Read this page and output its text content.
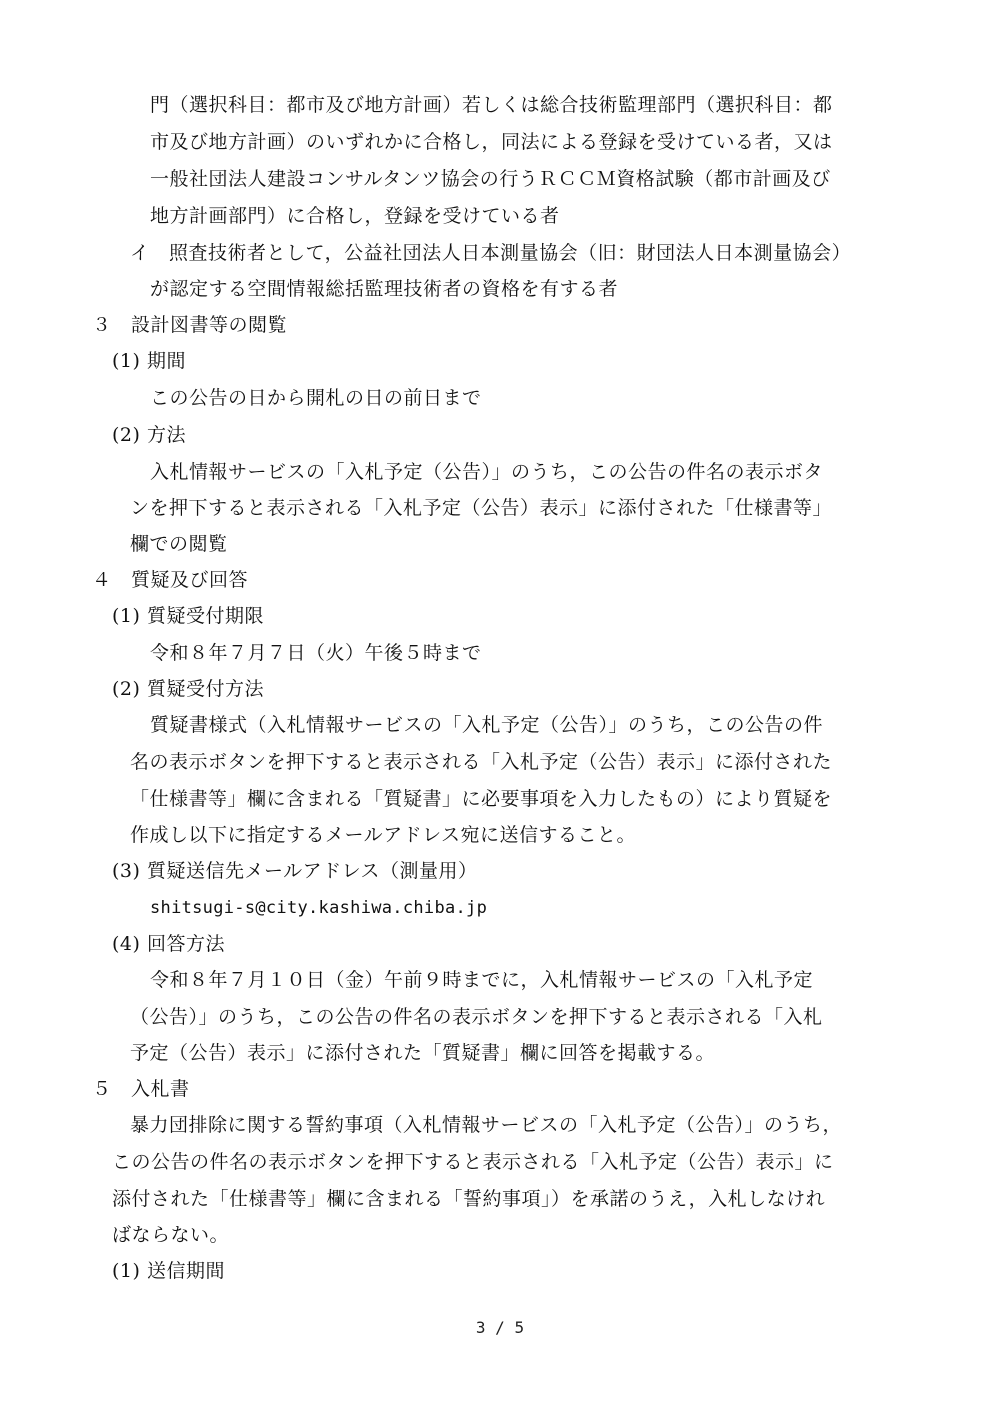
門（選択科目：都市及び地方計画）若しくは総合技術監理部門（選択科目：都
市及び地方計画）のいずれかに合格し，同法による登録を受けている者，又は
一般社団法人建設コンサルタンツ協会の行うＲＣＣＭ資格試験（都市計画及び
地方計画部門）に合格し，登録を受けている者
イ　照査技術者として，公益社団法人日本測量協会（旧：財団法人日本測量協会）
が認定する空間情報総括監理技術者の資格を有する者
３　設計図書等の閲覧
(1) 期間
この公告の日から開札の日の前日まで
(2) 方法
入札情報サービスの「入札予定（公告）」のうち，この公告の件名の表示ボタ
ンを押下すると表示される「入札予定（公告）表示」に添付された「仕様書等」
欄での閲覧
４　質疑及び回答
(1) 質疑受付期限
令和８年７月７日（火）午後５時まで
(2) 質疑受付方法
質疑書様式（入札情報サービスの「入札予定（公告）」のうち，この公告の件
名の表示ボタンを押下すると表示される「入札予定（公告）表示」に添付された
「仕様書等」欄に含まれる「質疑書」に必要事項を入力したもの）により質疑を
作成し以下に指定するメールアドレス宛に送信すること。
(3) 質疑送信先メールアドレス（測量用）
shitsugi-s@city.kashiwa.chiba.jp
(4) 回答方法
令和８年７月１０日（金）午前９時までに，入札情報サービスの「入札予定
（公告）」のうち，この公告の件名の表示ボタンを押下すると表示される「入札
予定（公告）表示」に添付された「質疑書」欄に回答を掲載する。
５　入札書
暴力団排除に関する誓約事項（入札情報サービスの「入札予定（公告）」のうち，
この公告の件名の表示ボタンを押下すると表示される「入札予定（公告）表示」に
添付された「仕様書等」欄に含まれる「誓約事項」）を承諾のうえ，入札しなけれ
ばならない。
(1) 送信期間
3 / 5
